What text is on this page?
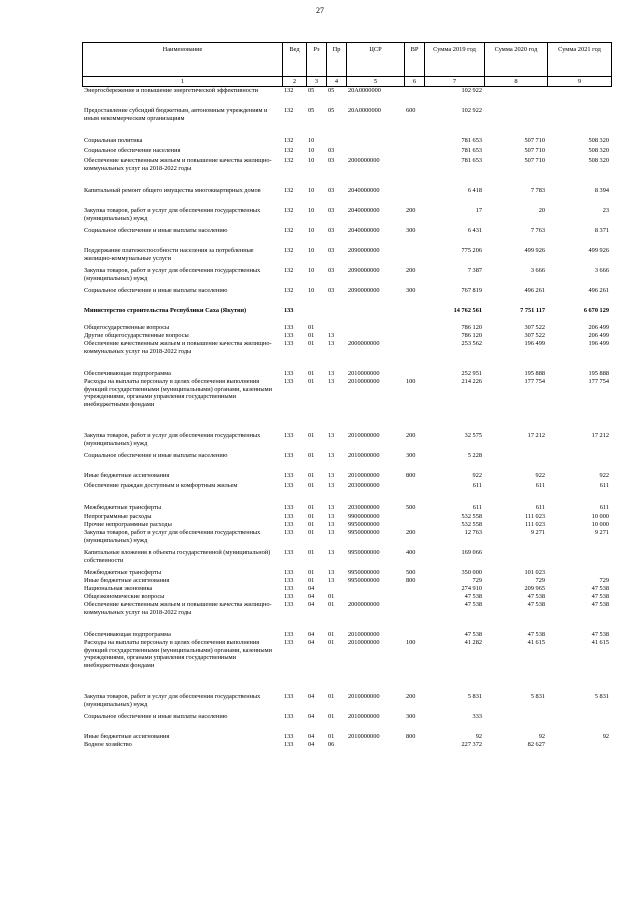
27
Наименование	Вед	Рз	Пр	ЦСР	ВР	Сумма 2019 год	Сумма 2020 год	Сумма 2021 год
1	2	3	4	5	6	7	8	9
Энергосбережение и повышение энергетической эффективности	132	05	05	20А0000000		102 922		
Предоставление субсидий бюджетным, автономным учреждениям и иным некоммерческим организациям	132	05	05	20А0000000	600	102 922		
Социальная политика	132	10				781 653	507 710	508 320
Социальное обеспечение населения	132	10	03			781 653	507 710	508 320
Обеспечение качественным жильем и повышение качества жилищно-коммунальных услуг на 2018-2022 годы	132	10	03	2000000000		781 653	507 710	508 320
Капитальный ремонт общего имущества многоквартирных домов	132	10	03	2040000000		6 418	7 783	8 394
Закупка товаров, работ и услуг для обеспечения государственных (муниципальных) нужд	132	10	03	2040000000	200	17	20	23
Социальное обеспечение и иные выплаты населению	132	10	03	2040000000	300	6 431	7 763	8 371
Поддержание платежеспособности населения за потребленные жилищно-коммунальные услуги	132	10	03	2090000000		775 206	499 926	499 926
Закупка товаров, работ и услуг для обеспечения государственных (муниципальных) нужд	132	10	03	2090000000	200	7 387	3 666	3 666
Социальное обеспечение и иные выплаты населению	132	10	03	2090000000	300	767 819	496 261	496 261
Министерство строительства Республики Саха (Якутия)	133					14 762 561	7 751 117	6 670 129
Общегосударственные вопросы	133	01				786 120	307 522	206 499
Другие общегосударственные вопросы	133	01	13			786 120	307 522	206 499
Обеспечение качественным жильем и повышение качества жилищно-коммунальных услуг на 2018-2022 годы	133	01	13	2000000000		253 562	196 499	196 499
Обеспечивающая подпрограмма	133	01	13	2010000000		252 951	195 888	195 888
Расходы на выплаты персоналу в целях обеспечения выполнения функций государственными (муниципальными) органами, казенными учреждениями, органами управления государственными внебюджетными фондами	133	01	13	2010000000	100	214 226	177 754	177 754
Закупка товаров, работ и услуг для обеспечения государственных (муниципальных) нужд	133	01	13	2010000000	200	32 575	17 212	17 212
Социальное обеспечение и иные выплаты населению	133	01	13	2010000000	300	5 228		
Иные бюджетные ассигнования	133	01	13	2010000000	800	922	922	922
Обеспечение граждан доступным и комфортным жильем	133	01	13	2030000000		611	611	611
Межбюджетные трансферты	133	01	13	2030000000	500	611	611	611
Непрограммные расходы	133	01	13	9900000000		532 558	111 023	10 000
Прочие непрограммные расходы	133	01	13	9950000000		532 558	111 023	10 000
Закупка товаров, работ и услуг для обеспечения государственных (муниципальных) нужд	133	01	13	9950000000	200	12 763	9 271	9 271
Капитальные вложения в объекты государственной (муниципальной) собственности	133	01	13	9950000000	400	169 066		
Межбюджетные трансферты	133	01	13	9950000000	500	350 000	101 023	
Иные бюджетные ассигнования	133	01	13	9950000000	800	729	729	729
Национальная экономика	133	04				274 910	209 965	47 538
Общеэкономические вопросы	133	04	01			47 538	47 538	47 538
Обеспечение качественным жильем и повышение качества жилищно-коммунальных услуг на 2018-2022 годы	133	04	01	2000000000		47 538	47 538	47 538
Обеспечивающая подпрограмма	133	04	01	2010000000		47 538	47 538	47 538
Расходы на выплаты персоналу в целях обеспечения выполнения функций государственными (муниципальными) органами, казенными учреждениями, органами управления государственными внебюджетными фондами	133	04	01	2010000000	100	41 282	41 615	41 615
Закупка товаров, работ и услуг для обеспечения государственных (муниципальных) нужд	133	04	01	2010000000	200	5 831	5 831	5 831
Социальное обеспечение и иные выплаты населению	133	04	01	2010000000	300	333		
Иные бюджетные ассигнования	133	04	01	2010000000	800	92	92	92
Водное хозяйство	133	04	06			227 372	82 627	
